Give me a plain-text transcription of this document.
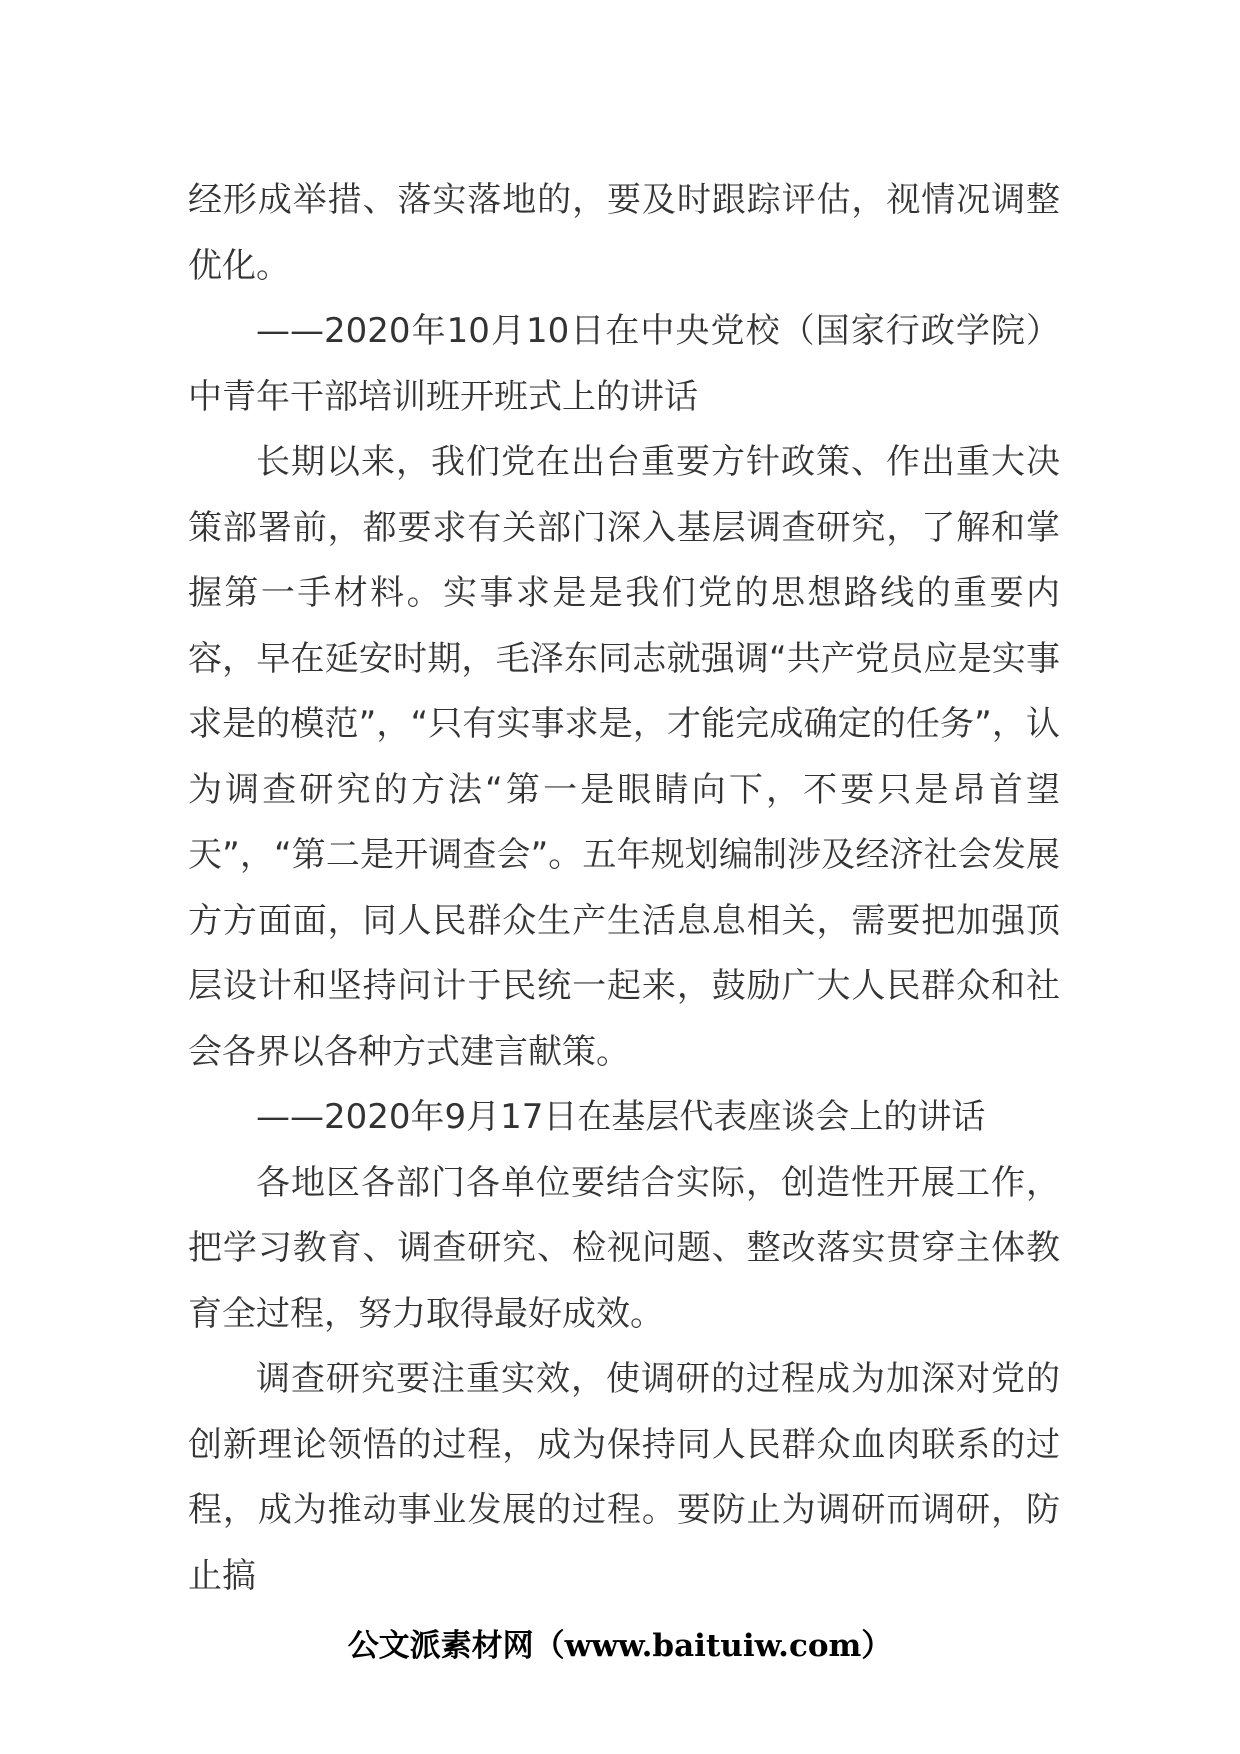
经形成举措、落实落地的，要及时跟踪评估，视情况调整优化。

——2020年10月10日在中央党校（国家行政学院）中青年干部培训班开班式上的讲话

长期以来，我们党在出台重要方针政策、作出重大决策部署前，都要求有关部门深入基层调查研究，了解和掌握第一手材料。实事求是是我们党的思想路线的重要内容，早在延安时期，毛泽东同志就强调“共产党员应是实事求是的模范”，“只有实事求是，才能完成确定的任务”，认为调查研究的方法“第一是眼睛向下，不要只是昂首望天”，“第二是开调查会”。五年规划编制涉及经济社会发展方方面面，同人民群众生产生活息息相关，需要把加强顶层设计和坚持问计于民统一起来，鼓励广大人民群众和社会各界以各种方式建言献策。

——2020年9月17日在基层代表座谈会上的讲话

各地区各部门各单位要结合实际，创造性开展工作，把学习教育、调查研究、检视问题、整改落实贯穿主体教育全过程，努力取得最好成效。

调查研究要注重实效，使调研的过程成为加深对党的创新理论领悟的过程，成为保持同人民群众血肉联系的过程，成为推动事业发展的过程。要防止为调研而调研，防止搞

公文派素材网（www.baituiw.com）
